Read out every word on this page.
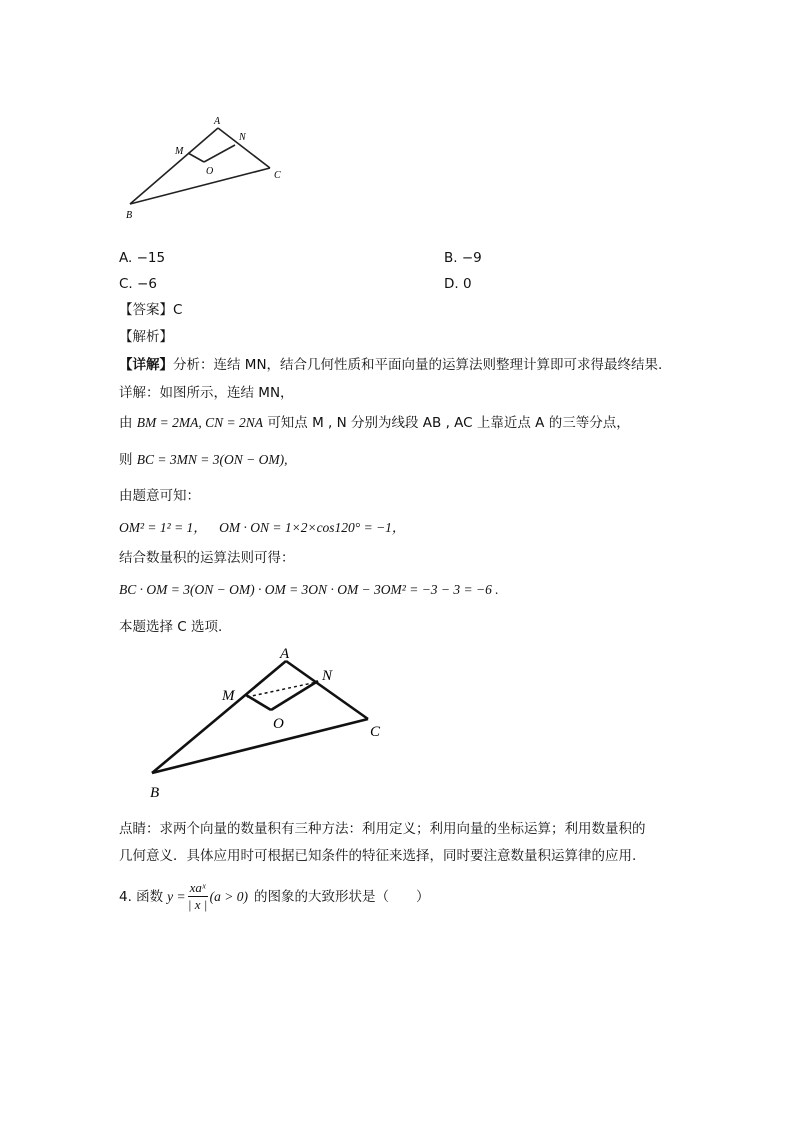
A
N
M
O	C
B
A. −15	B. −9
C. −6	D. 0
【答案】C
【解析】
【详解】分析：连结 MN，结合几何性质和平面向量的运算法则整理计算即可求得最终结果.
详解：如图所示，连结 MN，
由 BM = 2MA, CN = 2NA 可知点 M , N 分别为线段 AB , AC 上靠近点 A 的三等分点，
则 BC = 3MN = 3(ON − OM),
由题意可知：
OM² = 1² = 1， OM · ON = 1×2×cos120° = −1，
结合数量积的运算法则可得：
BC · OM = 3(ON − OM) · OM = 3ON · OM − 3OM² = −3 − 3 = −6 .
本题选择 C 选项.
A
N
M
O	C
B
点睛：求两个向量的数量积有三种方法：利用定义；利用向量的坐标运算；利用数量积的
几何意义．具体应用时可根据已知条件的特征来选择，同时要注意数量积运算律的应用.
4. 函数 $y = \frac{\text{xaˣ}}{| x |} (a > 0)$ 的图象的大致形状是（　　）
